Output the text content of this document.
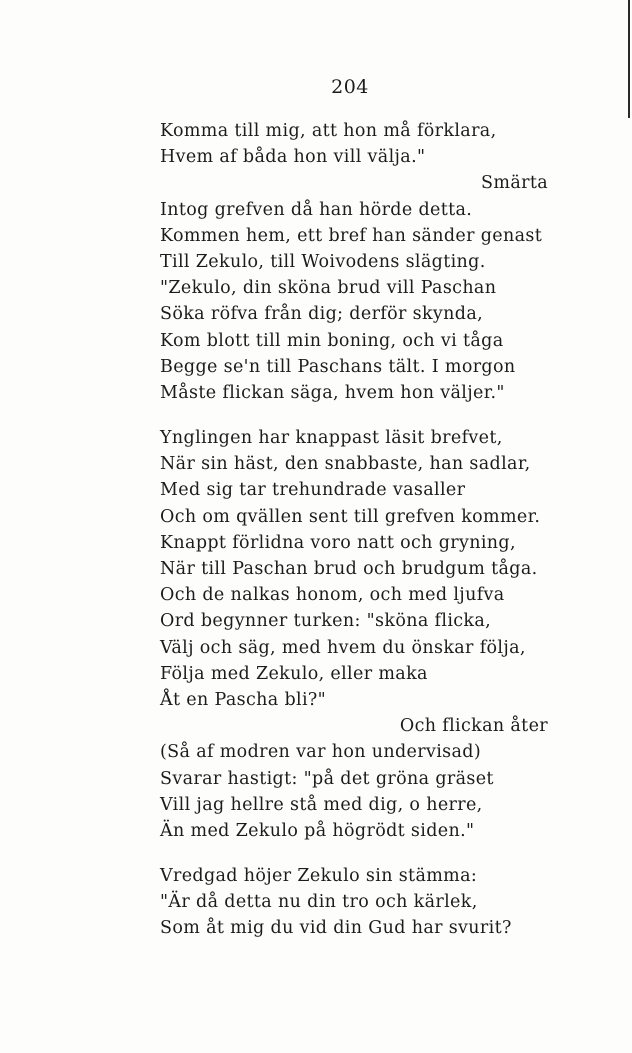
204
Komma till mig, att hon må förklara,
Hvem af båda hon vill välja."
Smärta
Intog grefven då han hörde detta.
Kommen hem, ett bref han sänder genast
Till Zekulo, till Woivodens slägting.
"Zekulo, din sköna brud vill Paschan
Söka röfva från dig; derför skynda,
Kom blott till min boning, och vi tåga
Begge se'n till Paschans tält. I morgon
Måste flickan säga, hvem hon väljer."
Ynglingen har knappast läsit brefvet,
När sin häst, den snabbaste, han sadlar,
Med sig tar trehundrade vasaller
Och om qvällen sent till grefven kommer.
Knappt förlidna voro natt och gryning,
När till Paschan brud och brudgum tåga.
Och de nalkas honom, och med ljufva
Ord begynner turken: "sköna flicka,
Välj och säg, med hvem du önskar följa,
Följa med Zekulo, eller maka
Åt en Pascha bli?"
Och flickan åter
(Så af modren var hon undervisad)
Svarar hastigt: "på det gröna gräset
Vill jag hellre stå med dig, o herre,
Än med Zekulo på högrödt siden."
Vredgad höjer Zekulo sin stämma:
"Är då detta nu din tro och kärlek,
Som åt mig du vid din Gud har svurit?
